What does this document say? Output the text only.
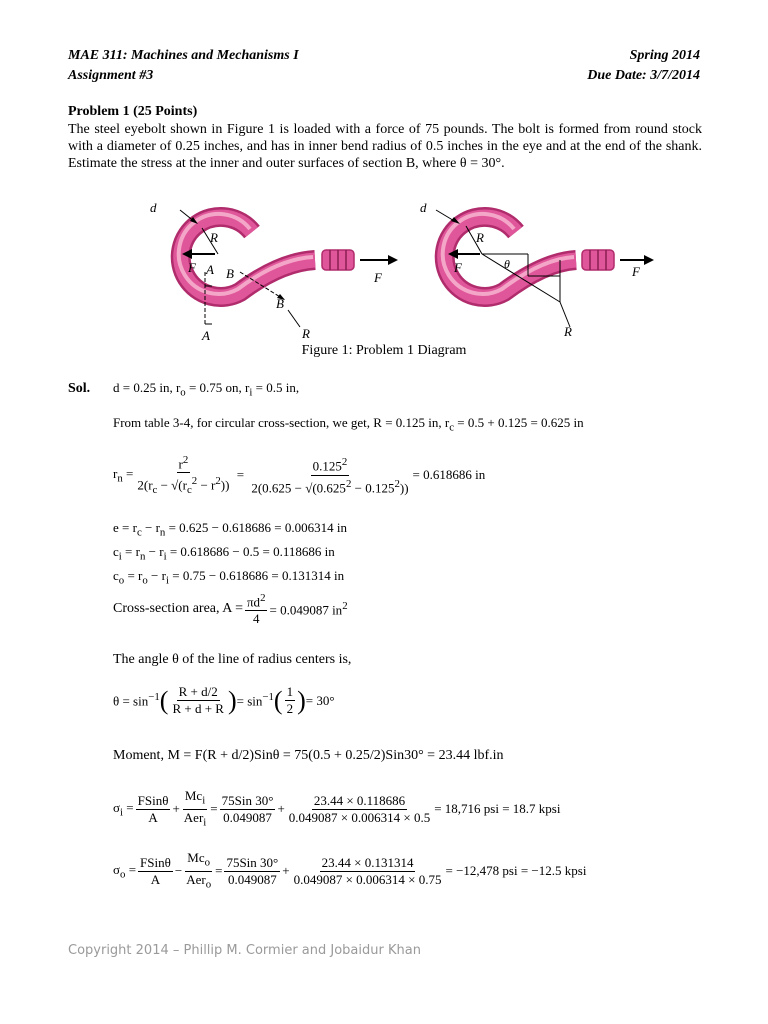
MAE 311: Machines and Mechanisms I
Assignment #3
Spring 2014
Due Date: 3/7/2014
Problem 1 (25 Points)
The steel eyebolt shown in Figure 1 is loaded with a force of 75 pounds. The bolt is formed from round stock with a diameter of 0.25 inches, and has in inner bend radius of 0.5 inches in the eye and at the end of the shank. Estimate the stress at the inner and outer surfaces of section B, where θ = 30°.
d
R
F A B
B
A
F
R
d
R
θ
F	F
R
Figure 1: Problem 1 Diagram
Sol. d = 0.25 in, $r_o = 0.75$ on, $r_i = 0.5$ in,
From table 3-4, for circular cross-section, we get, R = 0.125 in, $r_c = 0.5 + 0.125 = 0.625$ in
$r_n = \frac{r^2}{2(r_c - √(r_c^2 - r^2))} = \frac{0.125^2}{2(0.625 - √(0.625^2 - 0.125^2))} = 0.618686$ in
$e = r_c - r_n = 0.625 - 0.618686 = 0.006314$ in
$c_i = r_n - r_i = 0.618686 - 0.5 = 0.118686$ in
$c_o = r_o - r_i = 0.75 - 0.618686 = 0.131314$ in
Cross-section area, $A = \frac{\pi d^2}{4} = 0.049087$ $in^2$
The angle θ of the line of radius centers is,
$\theta = \sin^{-1}$ ( $\frac{R + d/2}{R + d + R}$ ) = $\sin^{-1}$ ( $\frac{1}{2}$ ) = 30°
Moment, M = F(R + d/2)Sinθ = 75(0.5 + 0.25/2)Sin30° = 23.44 lbf.in
$\sigma_i = \frac{\text{FSinθ}}{A} + \frac{Mc_i}{Aer_i} = \frac{\text{75Sin 30°}}{0.049087} + \frac{23.44 \times 0.118686}{0.049087 \times 0.006314 \times 0.5} = 18,716$ psi = 18.7 kpsi
$\sigma_o = \frac{\text{FSinθ}}{A} - \frac{Mc_o}{Aer_o} = \frac{\text{75Sin 30°}}{0.049087} + \frac{23.44 \times 0.131314}{0.049087 \times 0.006314 \times 0.75} = -12,478$ psi = −12.5 kpsi
Copyright 2014 – Phillip M. Cormier and Jobaidur Khan
